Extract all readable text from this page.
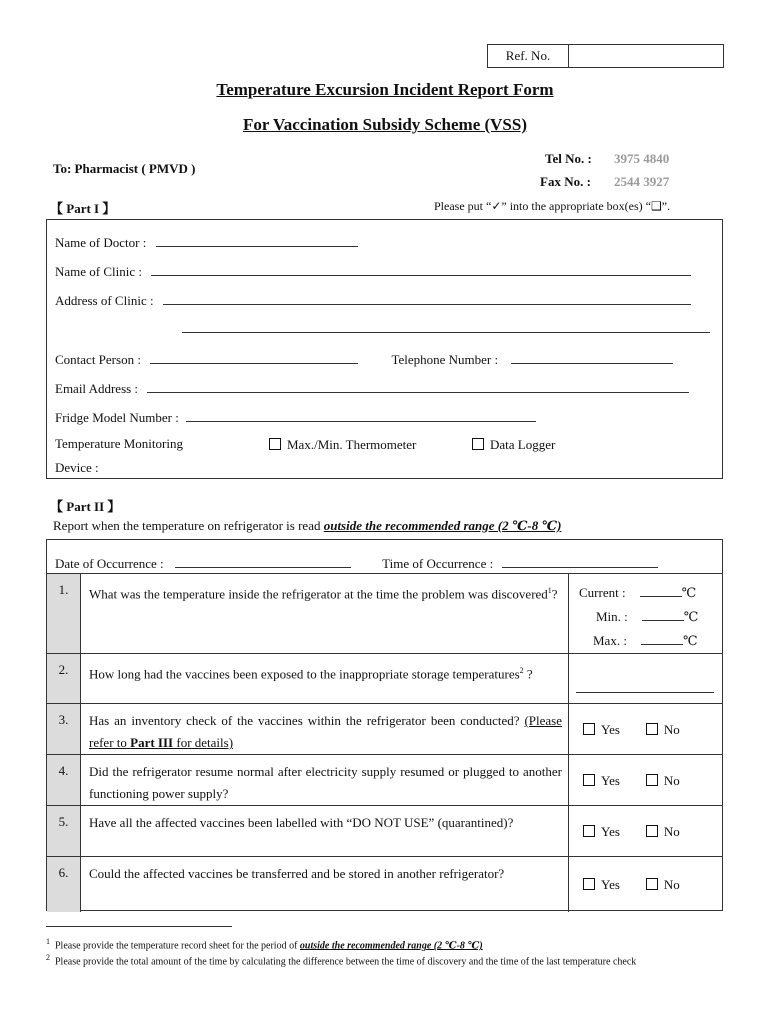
Ref. No.
Temperature Excursion Incident Report Form
For Vaccination Subsidy Scheme (VSS)
To: Pharmacist ( PMVD )
Tel No. : 3975 4840
Fax No. : 2544 3927
【 Part I 】	Please put “✓” into the appropriate box(es) “❑”.
Name of Doctor :
Name of Clinic :
Address of Clinic :
Contact Person :	Telephone Number :
Email Address :
Fridge Model Number :
Temperature Monitoring
Device :
Max./Min. Thermometer	Data Logger
【 Part II 】
Report when the temperature on refrigerator is read outside the recommended range (2 ℃-8 ℃)
Date of Occurrence :	Time of Occurrence :
1.	What was the temperature inside the refrigerator at the time the problem was discovered$^1$?	Current :	℃
Min. :	℃
Max. :	℃
2.	How long had the vaccines been exposed to the inappropriate storage temperatures$^2$ ?
3.	Has an inventory check of the vaccines within the refrigerator been conducted? (Please refer to Part III for details)
Yes	No
4.	Did the refrigerator resume normal after electricity supply resumed or plugged to another functioning power supply?
Yes	No
5.	Have all the affected vaccines been labelled with “DO NOT USE” (quarantined)?
Yes	No
6.	Could the affected vaccines be transferred and be stored in another refrigerator?
Yes	No
$^1$ Please provide the temperature record sheet for the period of outside the recommended range (2 ℃-8 ℃)
$^2$ Please provide the total amount of the time by calculating the difference between the time of discovery and the time of the last temperature check
